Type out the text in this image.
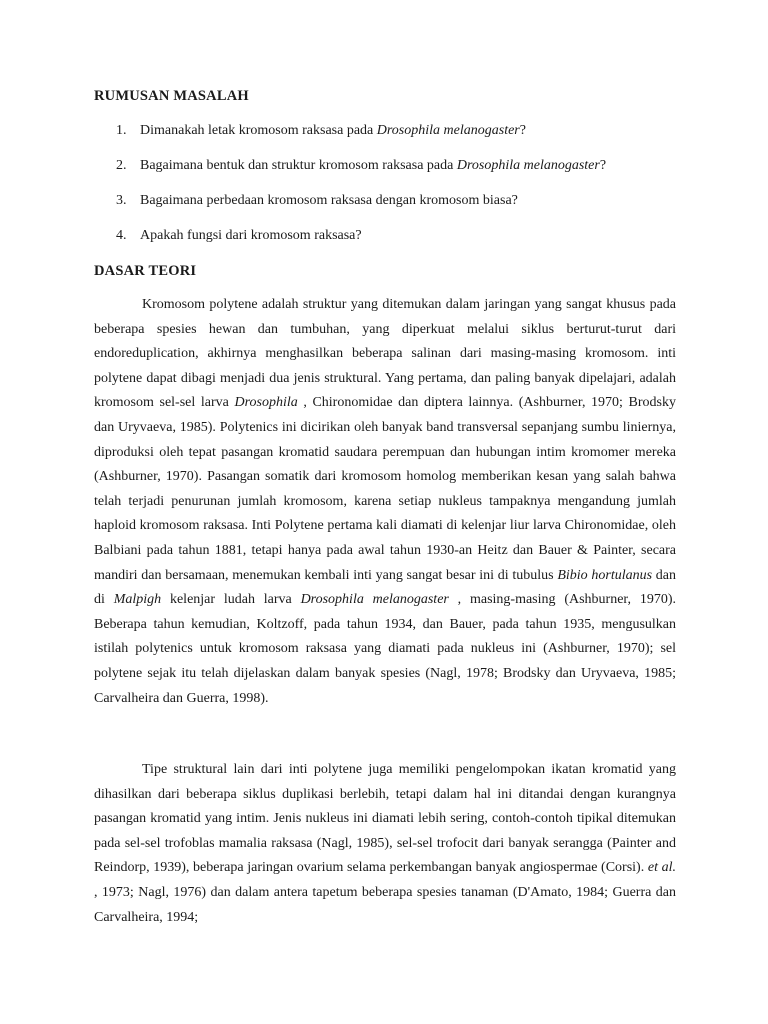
RUMUSAN MASALAH
1. Dimanakah letak kromosom raksasa pada Drosophila melanogaster?
2. Bagaimana bentuk dan struktur kromosom raksasa pada Drosophila melanogaster?
3. Bagaimana perbedaan kromosom raksasa dengan kromosom biasa?
4. Apakah fungsi dari kromosom raksasa?
DASAR TEORI

Kromosom polytene adalah struktur yang ditemukan dalam jaringan yang sangat khusus pada beberapa spesies hewan dan tumbuhan, yang diperkuat melalui siklus berturut-turut dari endoreduplication, akhirnya menghasilkan beberapa salinan dari masing-masing kromosom. inti polytene dapat dibagi menjadi dua jenis struktural. Yang pertama, dan paling banyak dipelajari, adalah kromosom sel-sel larva Drosophila , Chironomidae dan diptera lainnya. (Ashburner, 1970; Brodsky dan Uryvaeva, 1985). Polytenics ini dicirikan oleh banyak band transversal sepanjang sumbu liniernya, diproduksi oleh tepat pasangan kromatid saudara perempuan dan hubungan intim kromomer mereka (Ashburner, 1970). Pasangan somatik dari kromosom homolog memberikan kesan yang salah bahwa telah terjadi penurunan jumlah kromosom, karena setiap nukleus tampaknya mengandung jumlah haploid kromosom raksasa. Inti Polytene pertama kali diamati di kelenjar liur larva Chironomidae, oleh Balbiani pada tahun 1881, tetapi hanya pada awal tahun 1930-an Heitz dan Bauer & Painter, secara mandiri dan bersamaan, menemukan kembali inti yang sangat besar ini di tubulus Bibio hortulanus dan di Malpigh kelenjar ludah larva Drosophila melanogaster , masing-masing (Ashburner, 1970). Beberapa tahun kemudian, Koltzoff, pada tahun 1934, dan Bauer, pada tahun 1935, mengusulkan istilah polytenics untuk kromosom raksasa yang diamati pada nukleus ini (Ashburner, 1970); sel polytene sejak itu telah dijelaskan dalam banyak spesies (Nagl, 1978; Brodsky dan Uryvaeva, 1985; Carvalheira dan Guerra, 1998).

Tipe struktural lain dari inti polytene juga memiliki pengelompokan ikatan kromatid yang dihasilkan dari beberapa siklus duplikasi berlebih, tetapi dalam hal ini ditandai dengan kurangnya pasangan kromatid yang intim. Jenis nukleus ini diamati lebih sering, contoh-contoh tipikal ditemukan pada sel-sel trofoblas mamalia raksasa (Nagl, 1985), sel-sel trofocit dari banyak serangga (Painter and Reindorp, 1939), beberapa jaringan ovarium selama perkembangan banyak angiospermae (Corsi). et al. , 1973; Nagl, 1976) dan dalam antera tapetum beberapa spesies tanaman (D'Amato, 1984; Guerra dan Carvalheira, 1994;
